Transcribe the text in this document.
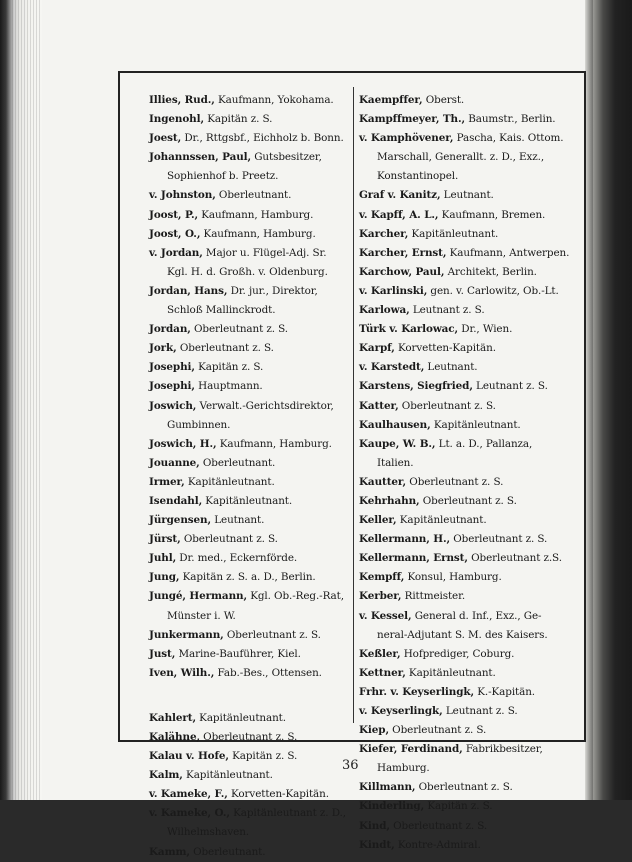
Illies, Rud., Kaufmann, Yokohama.
Ingenohl, Kapitän z. S.
Joest, Dr., Rttgsbf., Eichholz b. Bonn.
Johannssen, Paul, Gutsbesitzer,
Sophienhof b. Preetz.
v. Johnston, Oberleutnant.
Joost, P., Kaufmann, Hamburg.
Joost, O., Kaufmann, Hamburg.
v. Jordan, Major u. Flügel-Adj. Sr.
Kgl. H. d. Großh. v. Oldenburg.
Jordan, Hans, Dr. jur., Direktor,
Schloß Mallinckrodt.
Jordan, Oberleutnant z. S.
Jork, Oberleutnant z. S.
Josephi, Kapitän z. S.
Josephi, Hauptmann.
Joswich, Verwalt.-Gerichtsdirektor,
Gumbinnen.
Joswich, H., Kaufmann, Hamburg.
Jouanne, Oberleutnant.
Irmer, Kapitänleutnant.
Isendahl, Kapitänleutnant.
Jürgensen, Leutnant.
Jürst, Oberleutnant z. S.
Juhl, Dr. med., Eckernförde.
Jung, Kapitän z. S. a. D., Berlin.
Jungé, Hermann, Kgl. Ob.-Reg.-Rat,
Münster i. W.
Junkermann, Oberleutnant z. S.
Just, Marine-Bauführer, Kiel.
Iven, Wilh., Fab.-Bes., Ottensen.
Kahlert, Kapitänleutnant.
Kalähne, Oberleutnant z. S.
Kalau v. Hofe, Kapitän z. S.
Kalm, Kapitänleutnant.
v. Kameke, F., Korvetten-Kapitän.
v. Kameke, O., Kapitänleutnant z. D.,
Wilhelmshaven.
Kamm, Oberleutnant.
Kaempffer, Oberst.
Kampffmeyer, Th., Baumstr., Berlin.
v. Kamphövener, Pascha, Kais. Ottom.
Marschall, Generallt. z. D., Exz.,
Konstantinopel.
Graf v. Kanitz, Leutnant.
v. Kapff, A. L., Kaufmann, Bremen.
Karcher, Kapitänleutnant.
Karcher, Ernst, Kaufmann, Antwerpen.
Karchow, Paul, Architekt, Berlin.
v. Karlinski, gen. v. Carlowitz, Ob.-Lt.
Karlowa, Leutnant z. S.
Türk v. Karlowac, Dr., Wien.
Karpf, Korvetten-Kapitän.
v. Karstedt, Leutnant.
Karstens, Siegfried, Leutnant z. S.
Katter, Oberleutnant z. S.
Kaulhausen, Kapitänleutnant.
Kaupe, W. B., Lt. a. D., Pallanza,
Italien.
Kautter, Oberleutnant z. S.
Kehrhahn, Oberleutnant z. S.
Keller, Kapitänleutnant.
Kellermann, H., Oberleutnant z. S.
Kellermann, Ernst, Oberleutnant z.S.
Kempff, Konsul, Hamburg.
Kerber, Rittmeister.
v. Kessel, General d. Inf., Exz., Ge-
neral-Adjutant S. M. des Kaisers.
Keßler, Hofprediger, Coburg.
Kettner, Kapitänleutnant.
Frhr. v. Keyserlingk, K.-Kapitän.
v. Keyserlingk, Leutnant z. S.
Kiep, Oberleutnant z. S.
Kiefer, Ferdinand, Fabrikbesitzer,
Hamburg.
Killmann, Oberleutnant z. S.
Kinderling, Kapitän z. S.
Kind, Oberleutnant z. S.
Kindt, Kontre-Admiral.
36
